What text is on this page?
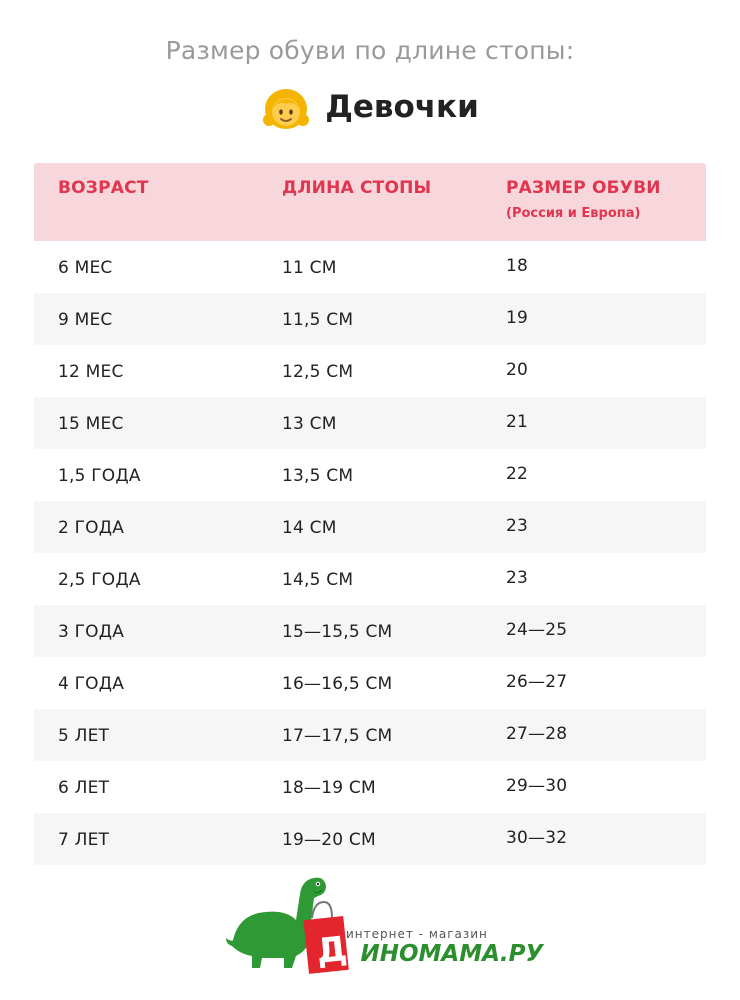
Размер обуви по длине стопы:
Девочки
ВОЗРАСТ	ДЛИНА СТОПЫ	РАЗМЕР ОБУВИ
(Россия и Европа)
6 МЕС	11 СМ	18
9 МЕС	11,5 СМ	19
12 МЕС	12,5 СМ	20
15 МЕС	13 СМ	21
1,5 ГОДА	13,5 СМ	22
2 ГОДА	14 СМ	23
2,5 ГОДА	14,5 СМ	23
3 ГОДА	15—15,5 СМ	24—25
4 ГОДА	16—16,5 СМ	26—27
5 ЛЕТ	17—17,5 СМ	27—28
6 ЛЕТ	18—19 СМ	29—30
7 ЛЕТ	19—20 СМ	30—32
Д
интернет - магазин
ИНОМАМА.РУ
